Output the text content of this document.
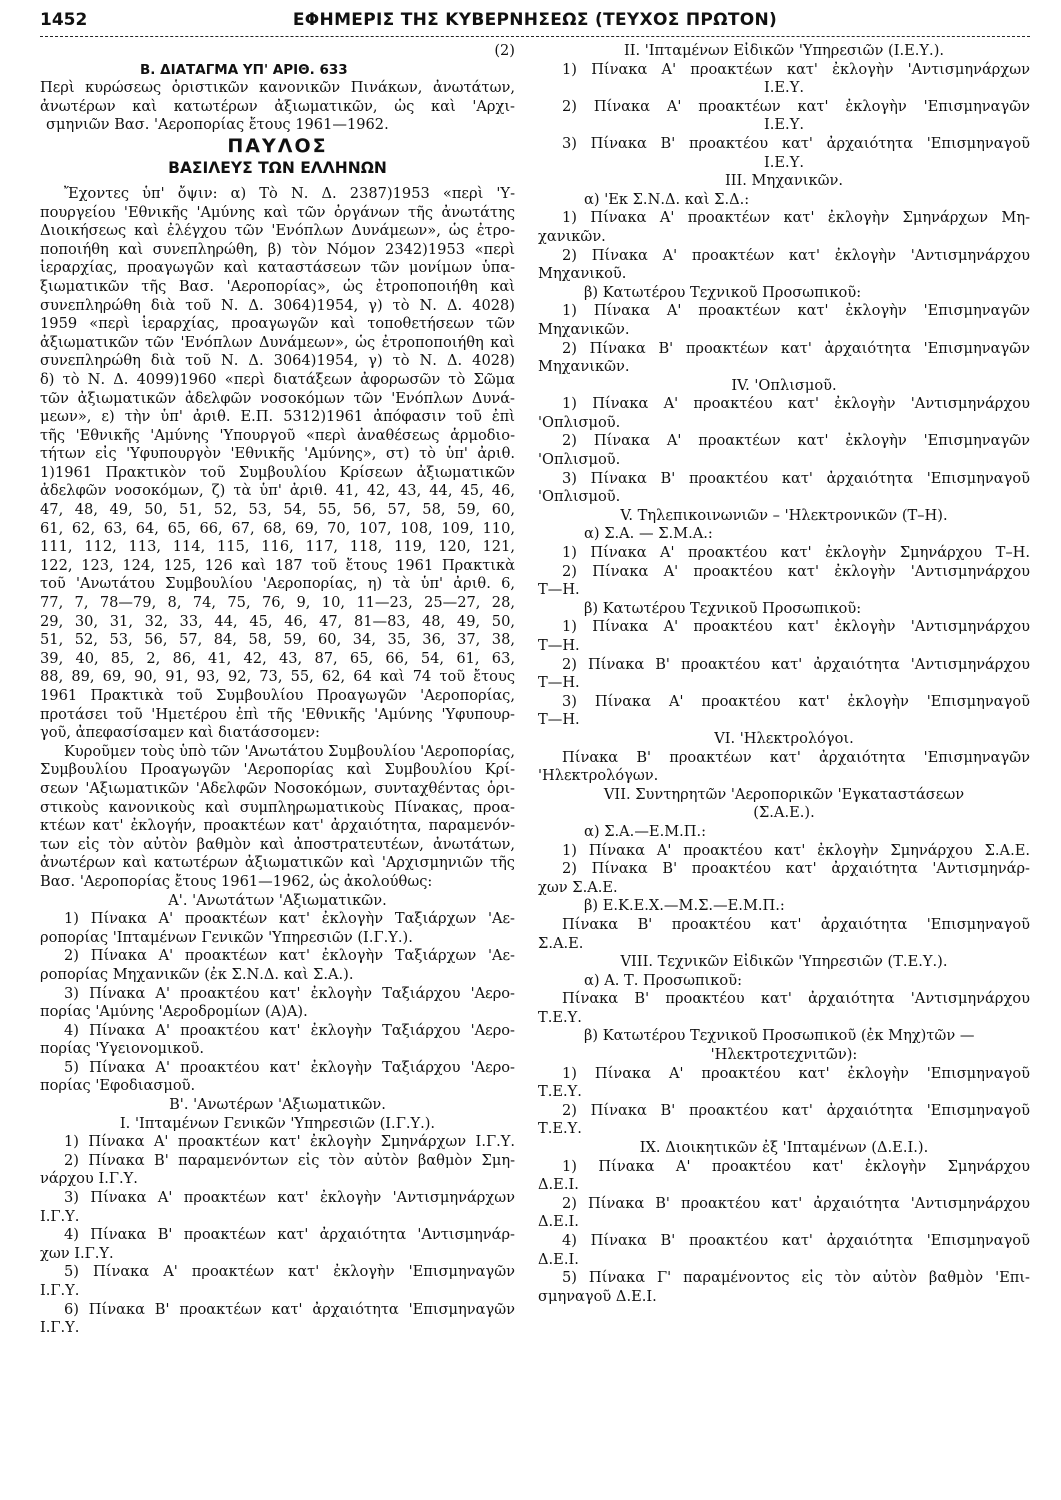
1452	ΕΦΗΜΕΡΙΣ ΤΗΣ ΚΥΒΕΡΝΗΣΕΩΣ (ΤΕΥΧΟΣ ΠΡΩΤΟΝ)
(2)
Β. ΔΙΑΤΑΓΜΑ ΥΠ' ΑΡΙΘ. 633
Περὶ κυρώσεως ὁριστικῶν κανονικῶν Πινάκων, ἀνωτάτων,
ἀνωτέρων καὶ κατωτέρων ἀξιωματικῶν, ὡς καὶ 'Αρχι-
σμηνιῶν Βασ. 'Αεροπορίας ἔτους 1961—1962.
ΠΑΥΛΟΣ
ΒΑΣΙΛΕΥΣ ΤΩΝ ΕΛΛΗΝΩΝ
Ἔχοντες ὑπ' ὄψιν: α) Τὸ Ν. Δ. 2387)1953 «περὶ 'Υ-
πουργείου 'Εθνικῆς 'Αμύνης καὶ τῶν ὀργάνων τῆς ἀνωτάτης
Διοικήσεως καὶ ἐλέγχου τῶν 'Ενόπλων Δυνάμεων», ὡς ἐτρο-
ποποιήθη καὶ συνεπληρώθη, β) τὸν Νόμον 2342)1953 «περὶ
ἱεραρχίας, προαγωγῶν καὶ καταστάσεων τῶν μονίμων ὑπα-
ξιωματικῶν τῆς Βασ. 'Αεροπορίας», ὡς ἐτροποποιήθη καὶ
συνεπληρώθη διὰ τοῦ Ν. Δ. 3064)1954, γ) τὸ Ν. Δ. 4028)
1959 «περὶ ἱεραρχίας, προαγωγῶν καὶ τοποθετήσεων τῶν
ἀξιωματικῶν τῶν 'Ενόπλων Δυνάμεων», ὡς ἐτροποποιήθη καὶ
συνεπληρώθη διὰ τοῦ Ν. Δ. 3064)1954, γ) τὸ Ν. Δ. 4028)
δ) τὸ Ν. Δ. 4099)1960 «περὶ διατάξεων ἀφορωσῶν τὸ Σῶμα
τῶν ἀξιωματικῶν ἀδελφῶν νοσοκόμων τῶν 'Ενόπλων Δυνά-
μεων», ε) τὴν ὑπ' ἀριθ. Ε.Π. 5312)1961 ἀπόφασιν τοῦ ἐπὶ
τῆς 'Εθνικῆς 'Αμύνης 'Υπουργοῦ «περὶ ἀναθέσεως ἁρμοδιο-
τήτων εἰς 'Υφυπουργὸν 'Εθνικῆς 'Αμύνης», στ) τὸ ὑπ' ἀριθ.
1)1961 Πρακτικὸν τοῦ Συμβουλίου Κρίσεων ἀξιωματικῶν
ἀδελφῶν νοσοκόμων, ζ) τὰ ὑπ' ἀριθ. 41, 42, 43, 44, 45, 46,
47, 48, 49, 50, 51, 52, 53, 54, 55, 56, 57, 58, 59, 60,
61, 62, 63, 64, 65, 66, 67, 68, 69, 70, 107, 108, 109, 110,
111, 112, 113, 114, 115, 116, 117, 118, 119, 120, 121,
122, 123, 124, 125, 126 καὶ 187 τοῦ ἔτους 1961 Πρακτικὰ
τοῦ 'Ανωτάτου Συμβουλίου 'Αεροπορίας, η) τὰ ὑπ' ἀριθ. 6,
77, 7, 78—79, 8, 74, 75, 76, 9, 10, 11—23, 25—27, 28,
29, 30, 31, 32, 33, 44, 45, 46, 47, 81—83, 48, 49, 50,
51, 52, 53, 56, 57, 84, 58, 59, 60, 34, 35, 36, 37, 38,
39, 40, 85, 2, 86, 41, 42, 43, 87, 65, 66, 54, 61, 63,
88, 89, 69, 90, 91, 93, 92, 73, 55, 62, 64 καὶ 74 τοῦ ἔτους
1961 Πρακτικὰ τοῦ Συμβουλίου Προαγωγῶν 'Αεροπορίας,
προτάσει τοῦ 'Ημετέρου ἐπὶ τῆς 'Εθνικῆς 'Αμύνης 'Υφυπουρ-
γοῦ, ἀπεφασίσαμεν καὶ διατάσσομεν:
Κυροῦμεν τοὺς ὑπὸ τῶν 'Ανωτάτου Συμβουλίου 'Αεροπορίας,
Συμβουλίου Προαγωγῶν 'Αεροπορίας καὶ Συμβουλίου Κρί-
σεων 'Αξιωματικῶν 'Αδελφῶν Νοσοκόμων, συνταχθέντας ὁρι-
στικοὺς κανονικοὺς καὶ συμπληρωματικοὺς Πίνακας, προα-
κτέων κατ' ἐκλογήν, προακτέων κατ' ἀρχαιότητα, παραμενόν-
των εἰς τὸν αὐτὸν βαθμὸν καὶ ἀποστρατευτέων, ἀνωτάτων,
ἀνωτέρων καὶ κατωτέρων ἀξιωματικῶν καὶ 'Αρχισμηνιῶν τῆς
Βασ. 'Αεροπορίας ἔτους 1961—1962, ὡς ἀκολούθως:
Α'. 'Ανωτάτων 'Αξιωματικῶν.
1) Πίνακα Α' προακτέων κατ' ἐκλογὴν Ταξιάρχων 'Αε-
ροπορίας 'Ιπταμένων Γενικῶν 'Υπηρεσιῶν (Ι.Γ.Υ.).
2) Πίνακα Α' προακτέων κατ' ἐκλογὴν Ταξιάρχων 'Αε-
ροπορίας Μηχανικῶν (ἐκ Σ.Ν.Δ. καὶ Σ.Α.).
3) Πίνακα Α' προακτέου κατ' ἐκλογὴν Ταξιάρχου 'Αερο-
πορίας 'Αμύνης 'Αεροδρομίων (Α)Α).
4) Πίνακα Α' προακτέου κατ' ἐκλογὴν Ταξιάρχου 'Αερο-
πορίας 'Υγειονομικοῦ.
5) Πίνακα Α' προακτέου κατ' ἐκλογὴν Ταξιάρχου 'Αερο-
πορίας 'Εφοδιασμοῦ.
Β'. 'Ανωτέρων 'Αξιωματικῶν.
Ι. 'Ιπταμένων Γενικῶν 'Υπηρεσιῶν (Ι.Γ.Υ.).
1) Πίνακα Α' προακτέων κατ' ἐκλογὴν Σμηνάρχων Ι.Γ.Υ.
2) Πίνακα Β' παραμενόντων εἰς τὸν αὐτὸν βαθμὸν Σμη-
νάρχου Ι.Γ.Υ.
3) Πίνακα Α' προακτέων κατ' ἐκλογὴν 'Αντισμηνάρχων
Ι.Γ.Υ.
4) Πίνακα Β' προακτέων κατ' ἀρχαιότητα 'Αντισμηνάρ-
χων Ι.Γ.Υ.
5) Πίνακα Α' προακτέων κατ' ἐκλογὴν 'Επισμηναγῶν
Ι.Γ.Υ.
6) Πίνακα Β' προακτέων κατ' ἀρχαιότητα 'Επισμηναγῶν
Ι.Γ.Υ.
ΙΙ. 'Ιπταμένων Εἰδικῶν 'Υπηρεσιῶν (Ι.Ε.Υ.).
1) Πίνακα Α' προακτέων κατ' ἐκλογὴν 'Αντισμηνάρχων
Ι.Ε.Υ.
2) Πίνακα Α' προακτέων κατ' ἐκλογὴν 'Επισμηναγῶν
Ι.Ε.Υ.
3) Πίνακα Β' προακτέου κατ' ἀρχαιότητα 'Επισμηναγοῦ
Ι.Ε.Υ.
ΙΙΙ. Μηχανικῶν.
α) 'Εκ Σ.Ν.Δ. καὶ Σ.Δ.:
1) Πίνακα Α' προακτέων κατ' ἐκλογὴν Σμηνάρχων Μη-
χανικῶν.
2) Πίνακα Α' προακτέων κατ' ἐκλογὴν 'Αντισμηνάρχου
Μηχανικοῦ.
β) Κατωτέρου Τεχνικοῦ Προσωπικοῦ:
1) Πίνακα Α' προακτέων κατ' ἐκλογὴν 'Επισμηναγῶν
Μηχανικῶν.
2) Πίνακα Β' προακτέων κατ' ἀρχαιότητα 'Επισμηναγῶν
Μηχανικῶν.
ΙV. 'Οπλισμοῦ.
1) Πίνακα Α' προακτέου κατ' ἐκλογὴν 'Αντισμηνάρχου
'Οπλισμοῦ.
2) Πίνακα Α' προακτέων κατ' ἐκλογὴν 'Επισμηναγῶν
'Οπλισμοῦ.
3) Πίνακα Β' προακτέου κατ' ἀρχαιότητα 'Επισμηναγοῦ
'Οπλισμοῦ.
V. Τηλεπικοινωνιῶν – 'Ηλεκτρονικῶν (Τ–Η).
α) Σ.Α. — Σ.Μ.Α.:
1) Πίνακα Α' προακτέου κατ' ἐκλογὴν Σμηνάρχου Τ–Η.
2) Πίνακα Α' προακτέου κατ' ἐκλογὴν 'Αντισμηνάρχου
Τ—Η.
β) Κατωτέρου Τεχνικοῦ Προσωπικοῦ:
1) Πίνακα Α' προακτέου κατ' ἐκλογὴν 'Αντισμηνάρχου
Τ—Η.
2) Πίνακα Β' προακτέου κατ' ἀρχαιότητα 'Αντισμηνάρχου
Τ—Η.
3) Πίνακα Α' προακτέου κατ' ἐκλογὴν 'Επισμηναγοῦ
Τ—Η.
VΙ. 'Ηλεκτρολόγοι.
Πίνακα Β' προακτέων κατ' ἀρχαιότητα 'Επισμηναγῶν
'Ηλεκτρολόγων.
VΙΙ. Συντηρητῶν 'Αεροπορικῶν 'Εγκαταστάσεων
(Σ.Α.Ε.).
α) Σ.Α.—Ε.Μ.Π.:
1) Πίνακα Α' προακτέου κατ' ἐκλογὴν Σμηνάρχου Σ.Α.Ε.
2) Πίνακα Β' προακτέου κατ' ἀρχαιότητα 'Αντισμηνάρ-
χων Σ.Α.Ε.
β) Ε.Κ.Ε.Χ.—Μ.Σ.—Ε.Μ.Π.:
Πίνακα Β' προακτέου κατ' ἀρχαιότητα 'Επισμηναγοῦ
Σ.Α.Ε.
VΙΙΙ. Τεχνικῶν Εἰδικῶν 'Υπηρεσιῶν (Τ.Ε.Υ.).
α) Α. Τ. Προσωπικοῦ:
Πίνακα Β' προακτέου κατ' ἀρχαιότητα 'Αντισμηνάρχου
Τ.Ε.Υ.
β) Κατωτέρου Τεχνικοῦ Προσωπικοῦ (ἐκ Μηχ)τῶν —
'Ηλεκτροτεχνιτῶν):
1) Πίνακα Α' προακτέου κατ' ἐκλογὴν 'Επισμηναγοῦ
Τ.Ε.Υ.
2) Πίνακα Β' προακτέου κατ' ἀρχαιότητα 'Επισμηναγοῦ
Τ.Ε.Υ.
ΙΧ. Διοικητικῶν ἐξ 'Ιπταμένων (Δ.Ε.Ι.).
1) Πίνακα Α' προακτέου κατ' ἐκλογὴν Σμηνάρχου
Δ.Ε.Ι.
2) Πίνακα Β' προακτέου κατ' ἀρχαιότητα 'Αντισμηνάρχου
Δ.Ε.Ι.
4) Πίνακα Β' προακτέου κατ' ἀρχαιότητα 'Επισμηναγοῦ
Δ.Ε.Ι.
5) Πίνακα Γ' παραμένοντος εἰς τὸν αὐτὸν βαθμὸν 'Επι-
σμηναγοῦ Δ.Ε.Ι.
